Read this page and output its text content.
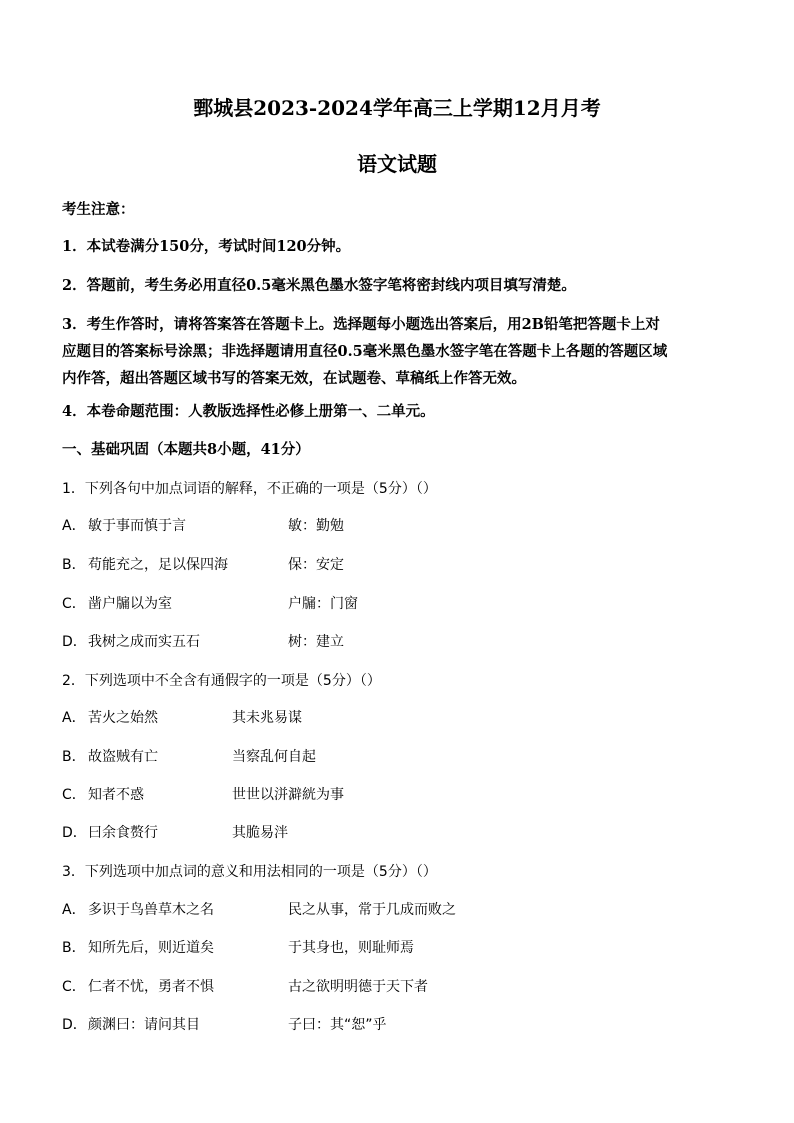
鄄城县2023-2024学年高三上学期12月月考
语文试题

考生注意：

1．本试卷满分150分，考试时间120分钟。

2．答题前，考生务必用直径0.5毫米黑色墨水签字笔将密封线内项目填写清楚。

3．考生作答时，请将答案答在答题卡上。选择题每小题选出答案后，用2B铅笔把答题卡上对
应题目的答案标号涂黑；非选择题请用直径0.5毫米黑色墨水签字笔在答题卡上各题的答题区域
内作答，超出答题区域书写的答案无效，在试题卷、草稿纸上作答无效。

4．本卷命题范围：人教版选择性必修上册第一、二单元。

一、基础巩固（本题共8小题，41分）

1．下列各句中加点词语的解释，不正确的一项是（5分）（）

A． 敏于事而慎于言	敏：勤勉
B． 苟能充之，足以保四海	保：安定
C． 凿户牖以为室	户牖：门窗
D． 我树之成而实五石	树：建立

2．下列选项中不全含有通假字的一项是（5分）（）

A． 苦火之始然	其未兆易谋
B． 故盗贼有亡	当察乱何自起
C． 知者不惑	世世以洴澼絖为事
D． 曰余食赘行	其脆易泮

3．下列选项中加点词的意义和用法相同的一项是（5分）（）

A． 多识于鸟兽草木之名	民之从事，常于几成而败之
B． 知所先后，则近道矣	于其身也，则耻师焉
C． 仁者不忧，勇者不惧	古之欲明明德于天下者
D． 颜渊曰：请问其目	子曰：其“恕”乎
